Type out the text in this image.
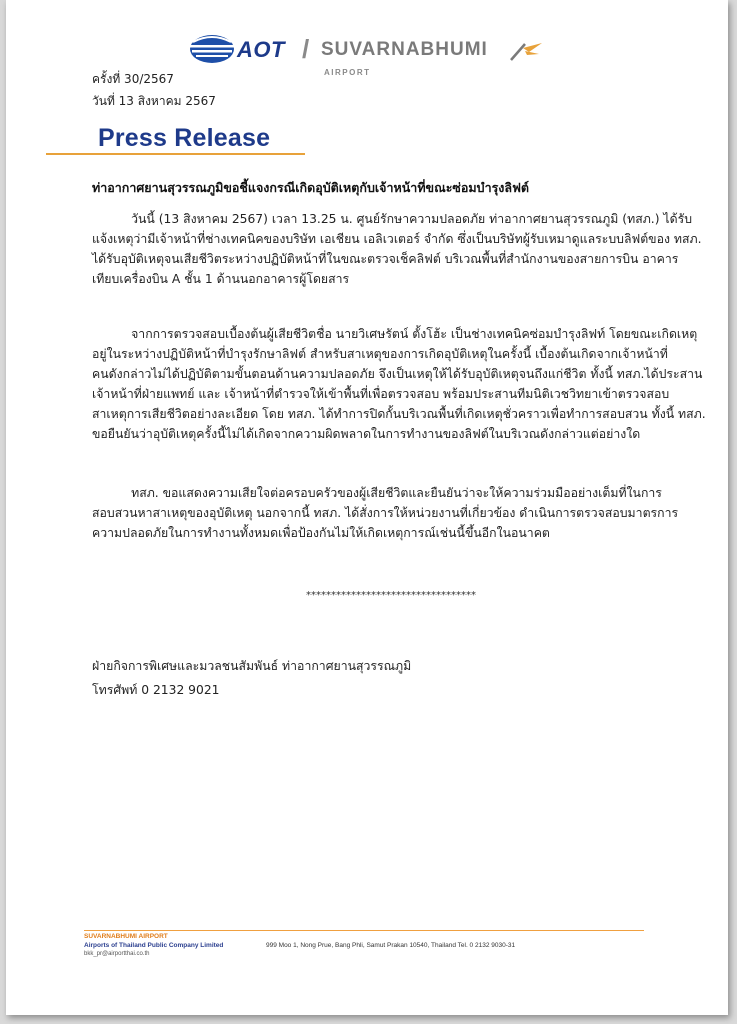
AOT / SUVARNABHUMI
AIRPORT
ครั้งที่ 30/2567
วันที่ 13 สิงหาคม 2567
Press Release
ท่าอากาศยานสุวรรณภูมิขอชี้แจงกรณีเกิดอุบัติเหตุกับเจ้าหน้าที่ขณะซ่อมบำรุงลิฟต์
วันนี้ (13 สิงหาคม 2567) เวลา 13.25 น. ศูนย์รักษาความปลอดภัย ท่าอากาศยานสุวรรณภูมิ (ทสภ.) ได้รับ
แจ้งเหตุว่ามีเจ้าหน้าที่ช่างเทคนิคของบริษัท เอเชียน เอลิเวเตอร์ จำกัด ซึ่งเป็นบริษัทผู้รับเหมาดูแลระบบลิฟต์ของ ทสภ.
ได้รับอุบัติเหตุจนเสียชีวิตระหว่างปฏิบัติหน้าที่ในขณะตรวจเช็คลิฟต์ บริเวณพื้นที่สำนักงานของสายการบิน อาคาร
เทียบเครื่องบิน A ชั้น 1 ด้านนอกอาคารผู้โดยสาร
จากการตรวจสอบเบื้องต้นผู้เสียชีวิตชื่อ นายวิเศษรัตน์ ตั้งโฮ้ะ เป็นช่างเทคนิคซ่อมบำรุงลิฟท์ โดยขณะเกิดเหตุ
อยู่ในระหว่างปฏิบัติหน้าที่บำรุงรักษาลิฟต์ สำหรับสาเหตุของการเกิดอุบัติเหตุในครั้งนี้ เบื้องต้นเกิดจากเจ้าหน้าที่
คนดังกล่าวไม่ได้ปฏิบัติตามขั้นตอนด้านความปลอดภัย จึงเป็นเหตุให้ได้รับอุบัติเหตุจนถึงแก่ชีวิต ทั้งนี้ ทสภ.ได้ประสาน
เจ้าหน้าที่ฝ่ายแพทย์ และ เจ้าหน้าที่ตำรวจให้เข้าพื้นที่เพื่อตรวจสอบ พร้อมประสานทีมนิติเวชวิทยาเข้าตรวจสอบ
สาเหตุการเสียชีวิตอย่างละเอียด โดย ทสภ. ได้ทำการปิดกั้นบริเวณพื้นที่เกิดเหตุชั่วคราวเพื่อทำการสอบสวน ทั้งนี้ ทสภ.
ขอยืนยันว่าอุบัติเหตุครั้งนี้ไม่ได้เกิดจากความผิดพลาดในการทำงานของลิฟต์ในบริเวณดังกล่าวแต่อย่างใด
ทสภ. ขอแสดงความเสียใจต่อครอบครัวของผู้เสียชีวิตและยืนยันว่าจะให้ความร่วมมืออย่างเต็มที่ในการ
สอบสวนหาสาเหตุของอุบัติเหตุ นอกจากนี้ ทสภ. ได้สั่งการให้หน่วยงานที่เกี่ยวข้อง ดำเนินการตรวจสอบมาตรการ
ความปลอดภัยในการทำงานทั้งหมดเพื่อป้องกันไม่ให้เกิดเหตุการณ์เช่นนี้ขึ้นอีกในอนาคต
**********************************
ฝ่ายกิจการพิเศษและมวลชนสัมพันธ์ ท่าอากาศยานสุวรรณภูมิ
โทรศัพท์ 0 2132 9021
SUVARNABHUMI AIRPORT
Airports of Thailand Public Company Limited	999 Moo 1, Nong Prue, Bang Phli, Samut Prakan 10540, Thailand Tel. 0 2132 9030-31
bkk_pr@airportthai.co.th
